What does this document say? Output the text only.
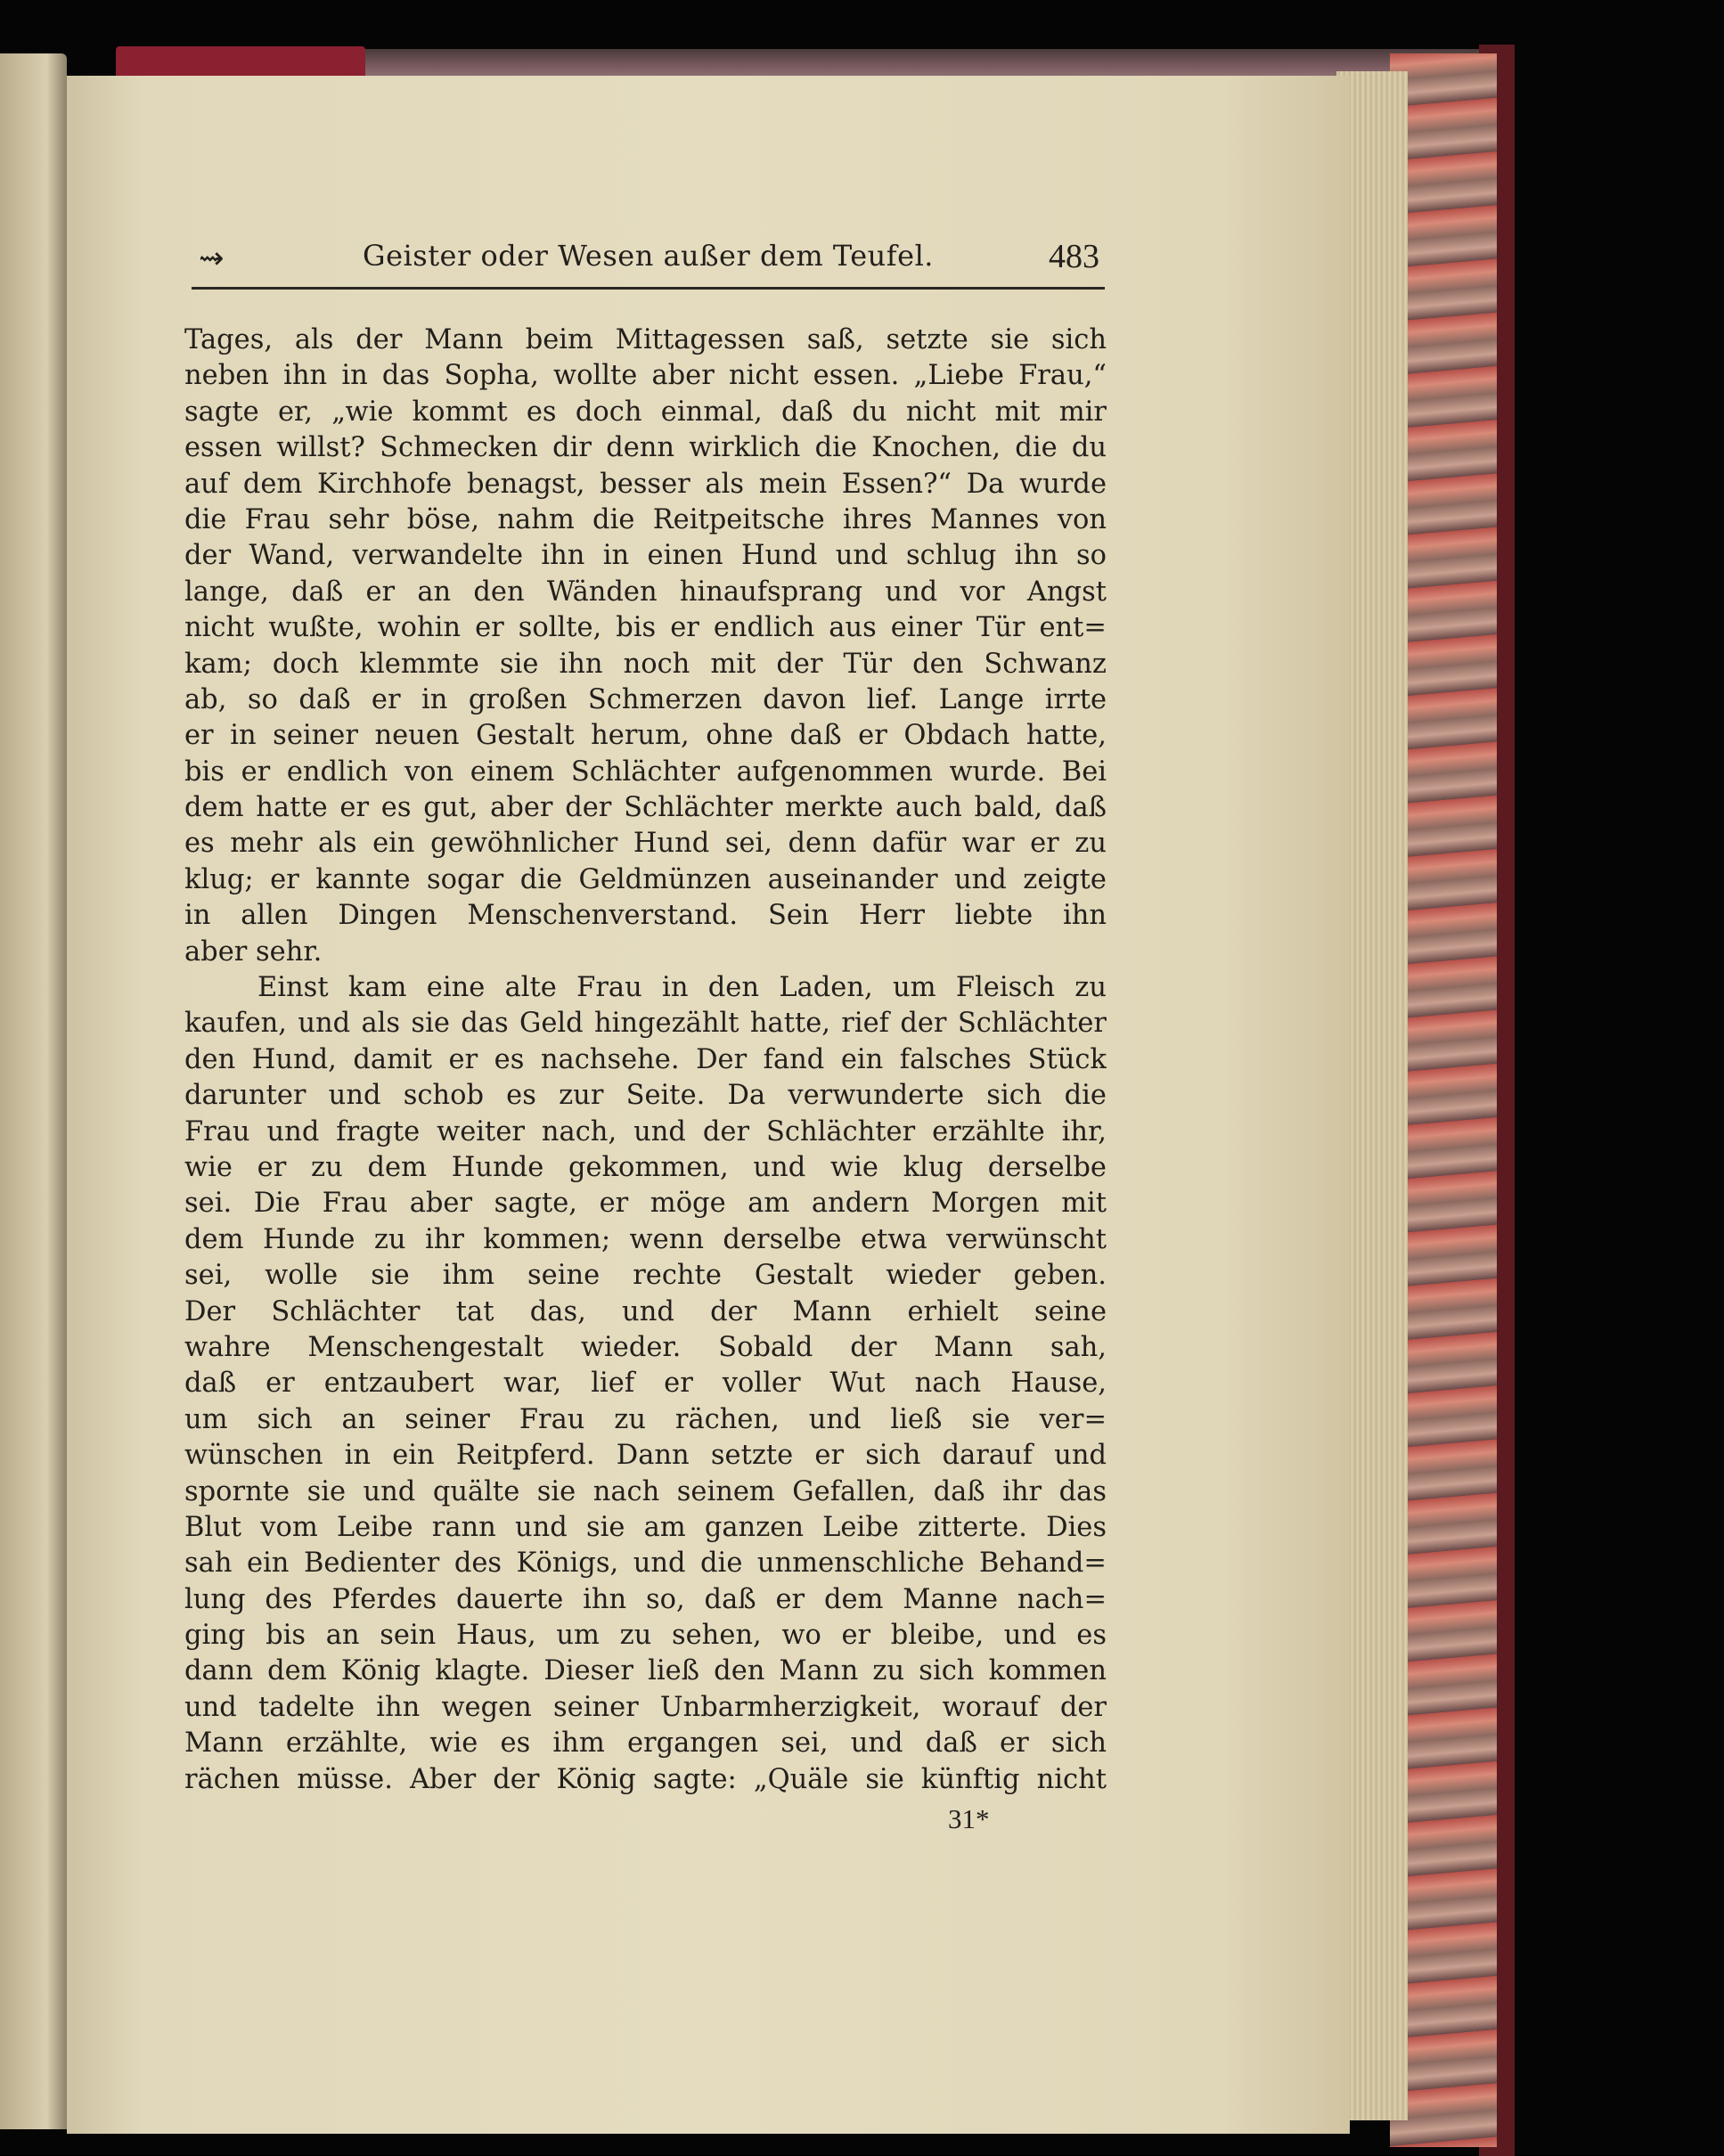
⇝	Geister oder Wesen außer dem Teufel.	483
Tages, als der Mann beim Mittagessen saß, setzte sie sich
neben ihn in das Sopha, wollte aber nicht essen. „Liebe Frau,“
sagte er, „wie kommt es doch einmal, daß du nicht mit mir
essen willst? Schmecken dir denn wirklich die Knochen, die du
auf dem Kirchhofe benagst, besser als mein Essen?“ Da wurde
die Frau sehr böse, nahm die Reitpeitsche ihres Mannes von
der Wand, verwandelte ihn in einen Hund und schlug ihn so
lange, daß er an den Wänden hinaufsprang und vor Angst
nicht wußte, wohin er sollte, bis er endlich aus einer Tür ent=
kam; doch klemmte sie ihn noch mit der Tür den Schwanz
ab, so daß er in großen Schmerzen davon lief. Lange irrte
er in seiner neuen Gestalt herum, ohne daß er Obdach hatte,
bis er endlich von einem Schlächter aufgenommen wurde. Bei
dem hatte er es gut, aber der Schlächter merkte auch bald, daß
es mehr als ein gewöhnlicher Hund sei, denn dafür war er zu
klug; er kannte sogar die Geldmünzen auseinander und zeigte
in allen Dingen Menschenverstand. Sein Herr liebte ihn
aber sehr.
Einst kam eine alte Frau in den Laden, um Fleisch zu
kaufen, und als sie das Geld hingezählt hatte, rief der Schlächter
den Hund, damit er es nachsehe. Der fand ein falsches Stück
darunter und schob es zur Seite. Da verwunderte sich die
Frau und fragte weiter nach, und der Schlächter erzählte ihr,
wie er zu dem Hunde gekommen, und wie klug derselbe
sei. Die Frau aber sagte, er möge am andern Morgen mit
dem Hunde zu ihr kommen; wenn derselbe etwa verwünscht
sei, wolle sie ihm seine rechte Gestalt wieder geben.
Der Schlächter tat das, und der Mann erhielt seine
wahre Menschengestalt wieder. Sobald der Mann sah,
daß er entzaubert war, lief er voller Wut nach Hause,
um sich an seiner Frau zu rächen, und ließ sie ver=
wünschen in ein Reitpferd. Dann setzte er sich darauf und
spornte sie und quälte sie nach seinem Gefallen, daß ihr das
Blut vom Leibe rann und sie am ganzen Leibe zitterte. Dies
sah ein Bedienter des Königs, und die unmenschliche Behand=
lung des Pferdes dauerte ihn so, daß er dem Manne nach=
ging bis an sein Haus, um zu sehen, wo er bleibe, und es
dann dem König klagte. Dieser ließ den Mann zu sich kommen
und tadelte ihn wegen seiner Unbarmherzigkeit, worauf der
Mann erzählte, wie es ihm ergangen sei, und daß er sich
rächen müsse. Aber der König sagte: „Quäle sie künftig nicht
31*
